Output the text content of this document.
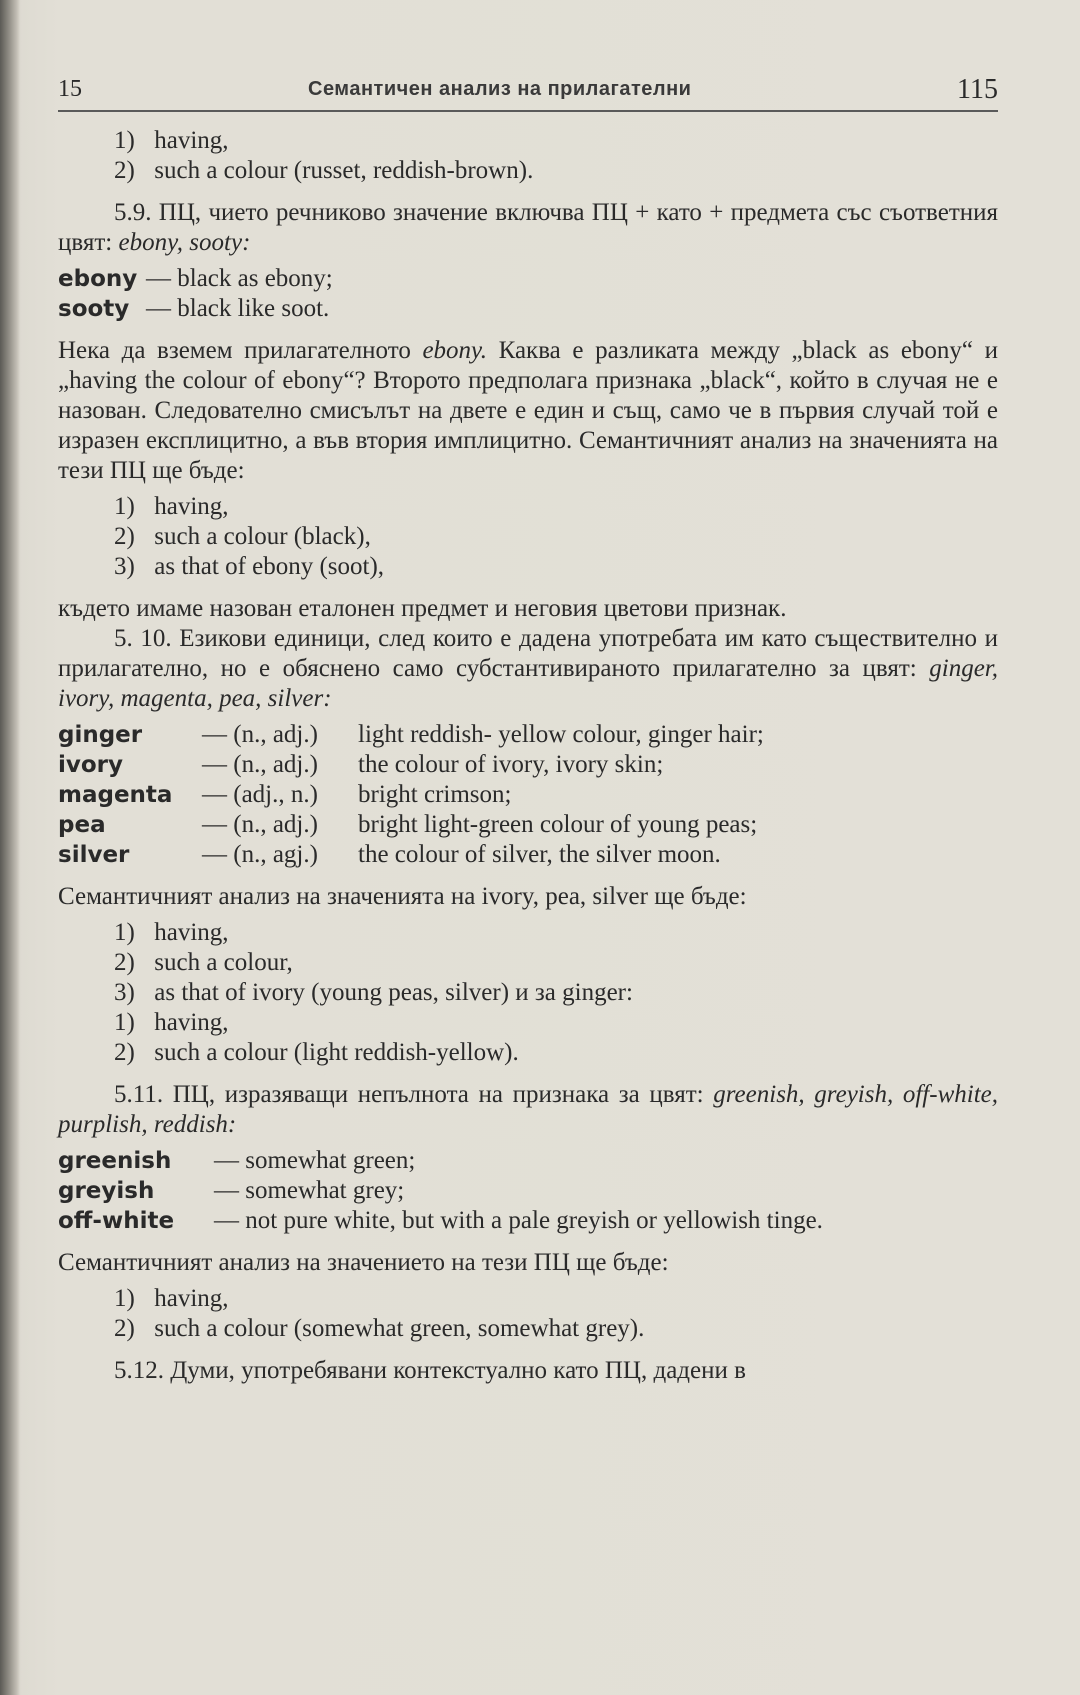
15	Семантичен анализ на прилагателни	115

1) having,

2) such a colour (russet, reddish-brown).

5.9. ПЦ, чието речниково значение включва ПЦ + като + предмета със съответния цвят: ebony, sooty:

ebony	— black as ebony;
sooty	— black like soot.

Нека да вземем прилагателното ebony. Каква е разликата между „black as ebony“ и „having the colour of ebony“? Второто предполага признака „black“, който в случая не е назован. Следователно смисълът на двете е един и същ, само че в първия случай той е изразен експлицитно, а във втория имплицитно. Семантичният анализ на значенията на тези ПЦ ще бъде:

1) having,

2) such a colour (black),

3) as that of ebony (soot),

където имаме назован еталонен предмет и неговия цветови признак.

5. 10. Езикови единици, след които е дадена употребата им като съществително и прилагателно, но е обяснено само субстантивираното прилагателно за цвят: ginger, ivory, magenta, pea, silver:

ginger	— (n., adj.)	light reddish- yellow colour, ginger hair;
ivory	— (n., adj.)	the colour of ivory, ivory skin;
magenta	— (adj., n.)	bright crimson;
pea	— (n., adj.)	bright light-green colour of young peas;
silver	— (n., agj.)	the colour of silver, the silver moon.

Семантичният анализ на значенията на ivory, pea, silver ще бъде:

1) having,

2) such a colour,

3) as that of ivory (young peas, silver) и за ginger:

1) having,

2) such a colour (light reddish-yellow).

5.11. ПЦ, изразяващи непълнота на признака за цвят: greenish, greyish, off-white, purplish, reddish:

greenish	— somewhat green;
greyish	— somewhat grey;
off-white	— not pure white, but with a pale greyish or yellowish tinge.

Семантичният анализ на значението на тези ПЦ ще бъде:

1) having,

2) such a colour (somewhat green, somewhat grey).

5.12. Думи, употребявани контекстуално като ПЦ, дадени в
